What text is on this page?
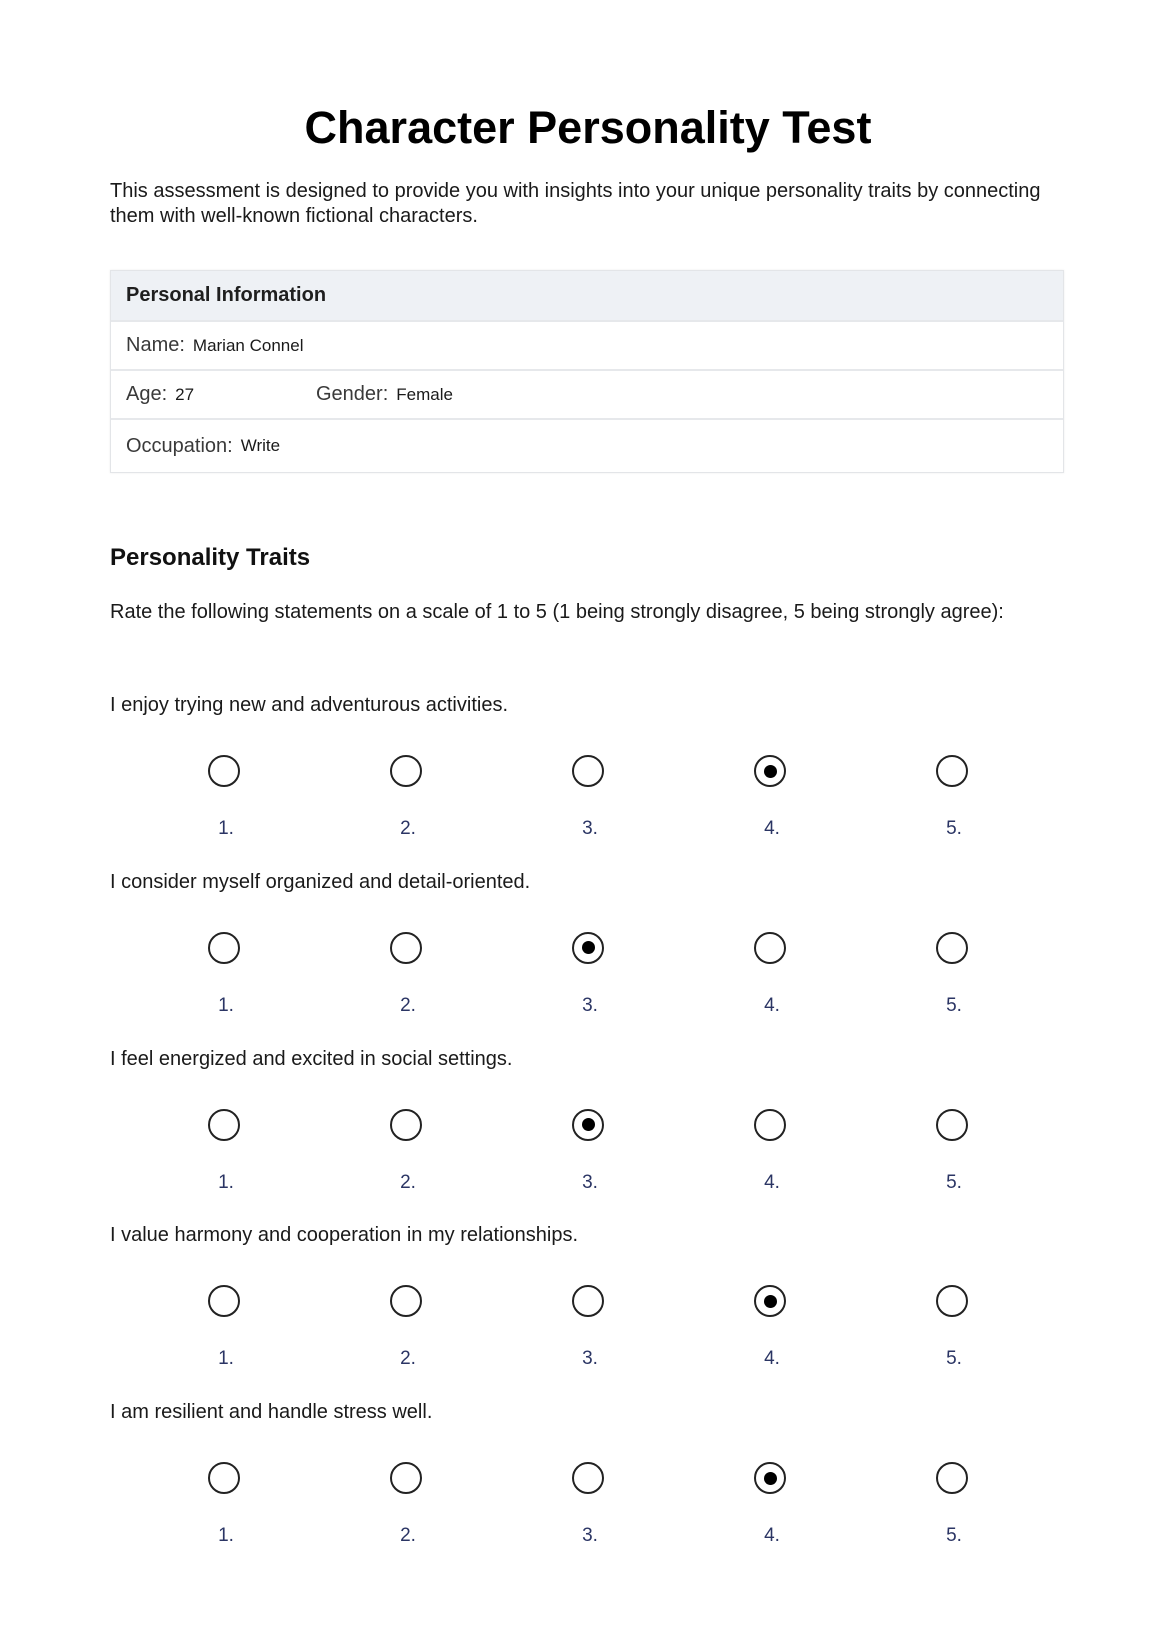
Character Personality Test
This assessment is designed to provide you with insights into your unique personality traits by connecting them with well-known fictional characters.
Personal Information
Name: Marian Connel
Age: 27	Gender: Female
Occupation: Write
Personality Traits
Rate the following statements on a scale of 1 to 5 (1 being strongly disagree, 5 being strongly agree):
I enjoy trying new and adventurous activities.
1.	2.	3.	4.	5.
I consider myself organized and detail-oriented.
1.	2.	3.	4.	5.
I feel energized and excited in social settings.
1.	2.	3.	4.	5.
I value harmony and cooperation in my relationships.
1.	2.	3.	4.	5.
I am resilient and handle stress well.
1.	2.	3.	4.	5.
